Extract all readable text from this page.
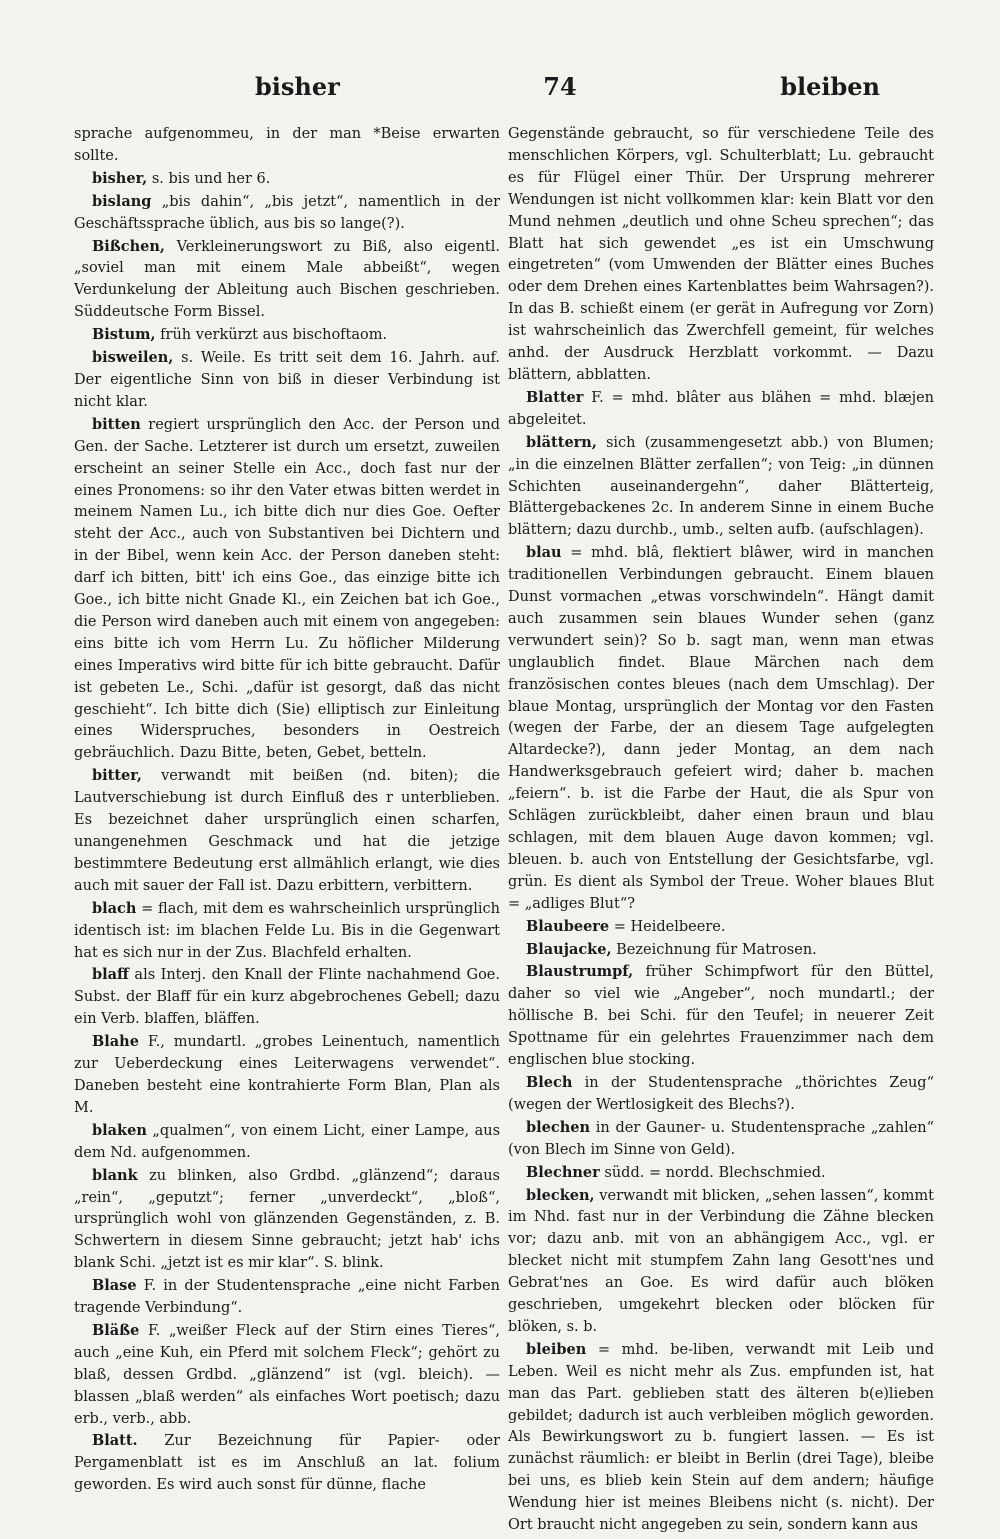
bisher	74	bleiben

sprache aufgenommeu, in der man *Beise erwarten sollte.

bisher, s. bis und her 6.

bislang „bis dahin“, „bis jetzt“, namentlich in der Geschäftssprache üblich, aus bis so lange(?).

Bißchen, Verkleinerungswort zu Biß, also eigentl. „soviel man mit einem Male abbeißt“, wegen Verdunkelung der Ableitung auch Bischen geschrieben. Süddeutsche Form Bissel.

Bistum, früh verkürzt aus bischoftaom.

bisweilen, s. Weile. Es tritt seit dem 16. Jahrh. auf. Der eigentliche Sinn von biß in dieser Verbindung ist nicht klar.

bitten regiert ursprünglich den Acc. der Person und Gen. der Sache. Letzterer ist durch um ersetzt, zuweilen erscheint an seiner Stelle ein Acc., doch fast nur der eines Pronomens: so ihr den Vater etwas bitten werdet in meinem Namen Lu., ich bitte dich nur dies Goe. Oefter steht der Acc., auch von Substantiven bei Dichtern und in der Bibel, wenn kein Acc. der Person daneben steht: darf ich bitten, bitt' ich eins Goe., das einzige bitte ich Goe., ich bitte nicht Gnade Kl., ein Zeichen bat ich Goe., die Person wird daneben auch mit einem von angegeben: eins bitte ich vom Herrn Lu. Zu höflicher Milderung eines Imperativs wird bitte für ich bitte gebraucht. Dafür ist gebeten Le., Schi. „dafür ist gesorgt, daß das nicht geschieht“. Ich bitte dich (Sie) elliptisch zur Einleitung eines Widerspruches, besonders in Oestreich gebräuchlich. Dazu Bitte, beten, Gebet, betteln.

bitter, verwandt mit beißen (nd. biten); die Lautverschiebung ist durch Einfluß des r unterblieben. Es bezeichnet daher ursprünglich einen scharfen, unangenehmen Geschmack und hat die jetzige bestimmtere Bedeutung erst allmählich erlangt, wie dies auch mit sauer der Fall ist. Dazu erbittern, verbittern.

blach = flach, mit dem es wahrscheinlich ursprünglich identisch ist: im blachen Felde Lu. Bis in die Gegenwart hat es sich nur in der Zus. Blachfeld erhalten.

blaff als Interj. den Knall der Flinte nachahmend Goe. Subst. der Blaff für ein kurz abgebrochenes Gebell; dazu ein Verb. blaffen, bläffen.

Blahe F., mundartl. „grobes Leinentuch, namentlich zur Ueberdeckung eines Leiterwagens verwendet“. Daneben besteht eine kontrahierte Form Blan, Plan als M.

blaken „qualmen“, von einem Licht, einer Lampe, aus dem Nd. aufgenommen.

blank zu blinken, also Grdbd. „glänzend“; daraus „rein“, „geputzt“; ferner „unverdeckt“, „bloß“, ursprünglich wohl von glänzenden Gegenständen, z. B. Schwertern in diesem Sinne gebraucht; jetzt hab' ichs blank Schi. „jetzt ist es mir klar“. S. blink.

Blase F. in der Studentensprache „eine nicht Farben tragende Verbindung“.

Bläße F. „weißer Fleck auf der Stirn eines Tieres“, auch „eine Kuh, ein Pferd mit solchem Fleck“; gehört zu blaß, dessen Grdbd. „glänzend“ ist (vgl. bleich). — blassen „blaß werden“ als einfaches Wort poetisch; dazu erb., verb., abb.

Blatt. Zur Bezeichnung für Papier- oder Pergamenblatt ist es im Anschluß an lat. folium geworden. Es wird auch sonst für dünne, flache

Gegenstände gebraucht, so für verschiedene Teile des menschlichen Körpers, vgl. Schulterblatt; Lu. gebraucht es für Flügel einer Thür. Der Ursprung mehrerer Wendungen ist nicht vollkommen klar: kein Blatt vor den Mund nehmen „deutlich und ohne Scheu sprechen“; das Blatt hat sich gewendet „es ist ein Umschwung eingetreten“ (vom Umwenden der Blätter eines Buches oder dem Drehen eines Kartenblattes beim Wahrsagen?). In das B. schießt einem (er gerät in Aufregung vor Zorn) ist wahrscheinlich das Zwerchfell gemeint, für welches anhd. der Ausdruck Herzblatt vorkommt. — Dazu blättern, abblatten.

Blatter F. = mhd. blâter aus blähen = mhd. blæjen abgeleitet.

blättern, sich (zusammengesetzt abb.) von Blumen; „in die einzelnen Blätter zerfallen“; von Teig: „in dünnen Schichten auseinandergehn“, daher Blätterteig, Blättergebackenes 2c. In anderem Sinne in einem Buche blättern; dazu durchb., umb., selten aufb. (aufschlagen).

blau = mhd. blâ, flektiert blâwer, wird in manchen traditionellen Verbindungen gebraucht. Einem blauen Dunst vormachen „etwas vorschwindeln“. Hängt damit auch zusammen sein blaues Wunder sehen (ganz verwundert sein)? So b. sagt man, wenn man etwas unglaublich findet. Blaue Märchen nach dem französischen contes bleues (nach dem Umschlag). Der blaue Montag, ursprünglich der Montag vor den Fasten (wegen der Farbe, der an diesem Tage aufgelegten Altardecke?), dann jeder Montag, an dem nach Handwerksgebrauch gefeiert wird; daher b. machen „feiern“. b. ist die Farbe der Haut, die als Spur von Schlägen zurückbleibt, daher einen braun und blau schlagen, mit dem blauen Auge davon kommen; vgl. bleuen. b. auch von Entstellung der Gesichtsfarbe, vgl. grün. Es dient als Symbol der Treue. Woher blaues Blut = „adliges Blut“?

Blaubeere = Heidelbeere.

Blaujacke, Bezeichnung für Matrosen.

Blaustrumpf, früher Schimpfwort für den Büttel, daher so viel wie „Angeber“, noch mundartl.; der höllische B. bei Schi. für den Teufel; in neuerer Zeit Spottname für ein gelehrtes Frauenzimmer nach dem englischen blue stocking.

Blech in der Studentensprache „thörichtes Zeug“ (wegen der Wertlosigkeit des Blechs?).

blechen in der Gauner- u. Studentensprache „zahlen“ (von Blech im Sinne von Geld).

Blechner südd. = nordd. Blechschmied.

blecken, verwandt mit blicken, „sehen lassen“, kommt im Nhd. fast nur in der Verbindung die Zähne blecken vor; dazu anb. mit von an abhängigem Acc., vgl. er blecket nicht mit stumpfem Zahn lang Gesott'nes und Gebrat'nes an Goe. Es wird dafür auch blöken geschrieben, umgekehrt blecken oder blöcken für blöken, s. b.

bleiben = mhd. be-liben, verwandt mit Leib und Leben. Weil es nicht mehr als Zus. empfunden ist, hat man das Part. geblieben statt des älteren b(e)lieben gebildet; dadurch ist auch verbleiben möglich geworden. Als Bewirkungswort zu b. fungiert lassen. — Es ist zunächst räumlich: er bleibt in Berlin (drei Tage), bleibe bei uns, es blieb kein Stein auf dem andern; häufige Wendung hier ist meines Bleibens nicht (s. nicht). Der Ort braucht nicht angegeben zu sein, sondern kann aus
